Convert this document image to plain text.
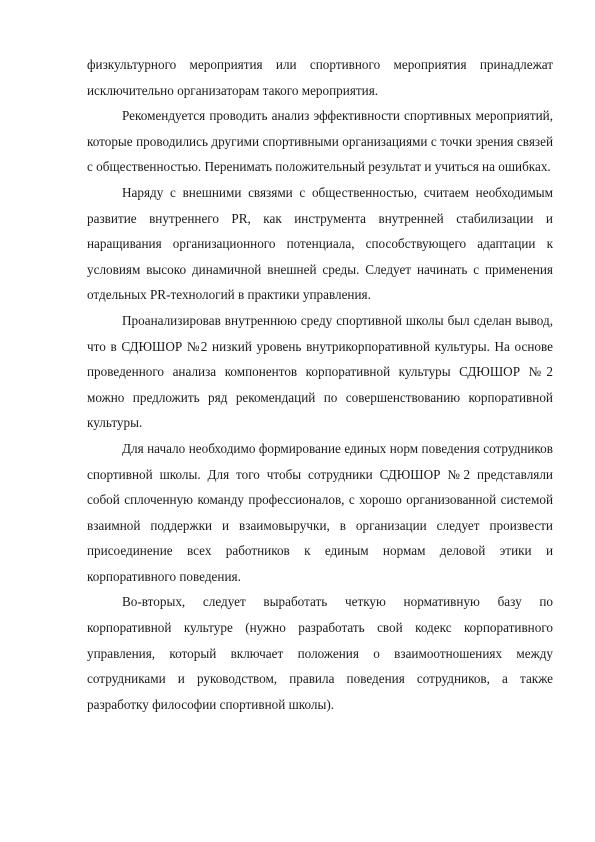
физкультурного мероприятия или спортивного мероприятия принадлежат исключительно организаторам такого мероприятия.

Рекомендуется проводить анализ эффективности спортивных мероприятий, которые проводились другими спортивными организациями с точки зрения связей с общественностью. Перенимать положительный результат и учиться на ошибках.

Наряду с внешними связями с общественностью, считаем необходимым развитие внутреннего PR, как инструмента внутренней стабилизации и наращивания организационного потенциала, способствующего адаптации к условиям высоко динамичной внешней среды. Следует начинать с применения отдельных PR-технологий в практики управления.

Проанализировав внутреннюю среду спортивной школы был сделан вывод, что в СДЮШОР №2 низкий уровень внутрикорпоративной культуры. На основе проведенного анализа компонентов корпоративной культуры СДЮШОР №2 можно предложить ряд рекомендаций по совершенствованию корпоративной культуры.

Для начало необходимо формирование единых норм поведения сотрудников спортивной школы. Для того чтобы сотрудники СДЮШОР №2 представляли собой сплоченную команду профессионалов, с хорошо организованной системой взаимной поддержки и взаимовыручки, в организации следует произвести присоединение всех работников к единым нормам деловой этики и корпоративного поведения.

Во-вторых, следует выработать четкую нормативную базу по корпоративной культуре (нужно разработать свой кодекс корпоративного управления, который включает положения о взаимоотношениях между сотрудниками и руководством, правила поведения сотрудников, а также разработку философии спортивной школы).
